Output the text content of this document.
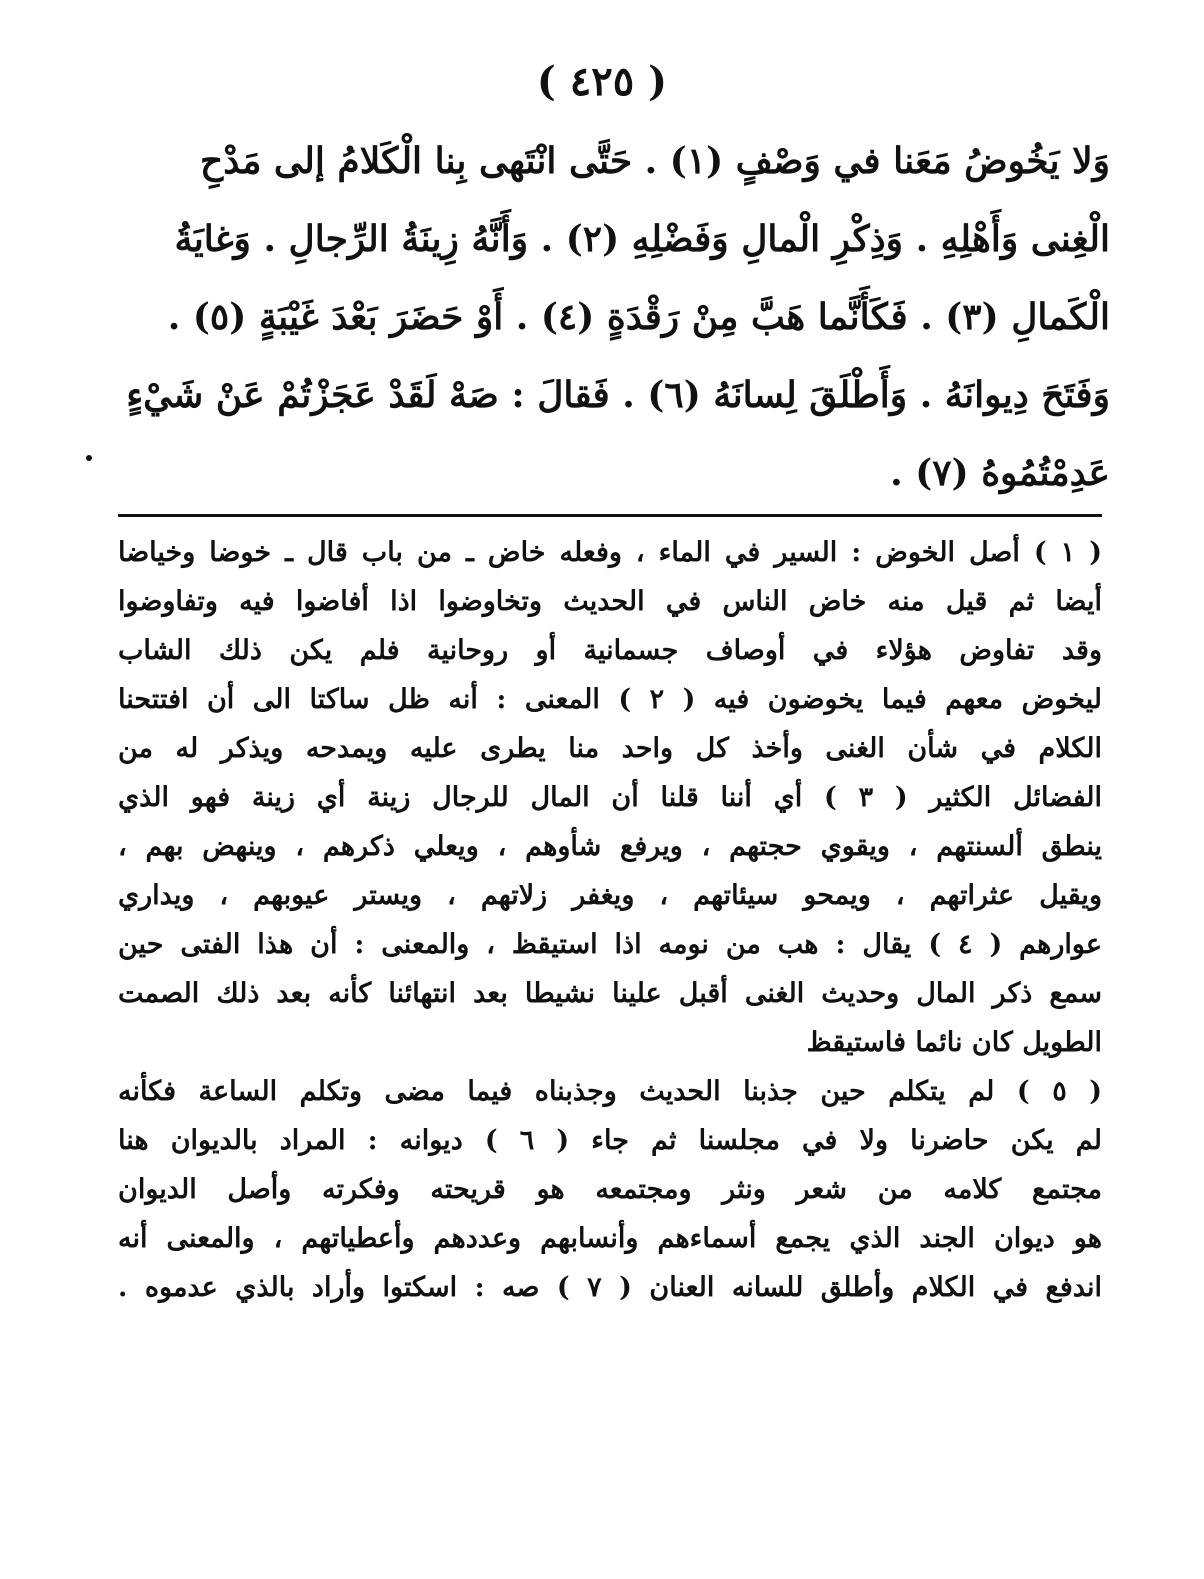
( ٤٢٥ )
وَلا يَخُوضُ مَعَنا في وَصْفٍ (١) . حَتَّى انْتَهى بِنا الْكَلامُ إلى مَدْحِ
الْغِنى وَأَهْلِهِ . وَذِكْرِ الْمالِ وَفَضْلِهِ (٢) . وَأَنَّهُ زِينَةُ الرِّجالِ . وَغايَةُ
الْكَمالِ (٣) . فَكَأَنَّما هَبَّ مِنْ رَقْدَةٍ (٤) . أَوْ حَضَرَ بَعْدَ غَيْبَةٍ (٥) .
وَفَتَحَ دِيوانَهُ . وَأَطْلَقَ لِسانَهُ (٦) . فَقالَ : صَهْ لَقَدْ عَجَزْتُمْ عَنْ شَيْءٍ
عَدِمْتُمُوهُ (٧) .
( ١ ) أصل الخوض : السير في الماء ، وفعله خاض ـ من باب قال ـ خوضا وخياضا
أيضا ثم قيل منه خاض الناس في الحديث وتخاوضوا اذا أفاضوا فيه وتفاوضوا
وقد تفاوض هؤلاء في أوصاف جسمانية أو روحانية فلم يكن ذلك الشاب
ليخوض معهم فيما يخوضون فيه ( ٢ ) المعنى : أنه ظل ساكتا الى أن افتتحنا
الكلام في شأن الغنى وأخذ كل واحد منا يطرى عليه ويمدحه ويذكر له من
الفضائل الكثير ( ٣ ) أي أننا قلنا أن المال للرجال زينة أي زينة فهو الذي
ينطق ألسنتهم ، ويقوي حجتهم ، ويرفع شأوهم ، ويعلي ذكرهم ، وينهض بهم ،
ويقيل عثراتهم ، ويمحو سيئاتهم ، ويغفر زلاتهم ، ويستر عيوبهم ، ويداري
عوارهم ( ٤ ) يقال : هب من نومه اذا استيقظ ، والمعنى : أن هذا الفتى حين
سمع ذكر المال وحديث الغنى أقبل علينا نشيطا بعد انتهائنا كأنه بعد ذلك الصمت
الطويل كان نائما فاستيقظ
( ٥ ) لم يتكلم حين جذبنا الحديث وجذبناه فيما مضى وتكلم الساعة فكأنه
لم يكن حاضرنا ولا في مجلسنا ثم جاء ( ٦ ) ديوانه : المراد بالديوان هنا
مجتمع كلامه من شعر ونثر ومجتمعه هو قريحته وفكرته وأصل الديوان
هو ديوان الجند الذي يجمع أسماءهم وأنسابهم وعددهم وأعطياتهم ، والمعنى أنه
اندفع في الكلام وأطلق للسانه العنان ( ٧ ) صه : اسكتوا وأراد بالذي عدموه .
